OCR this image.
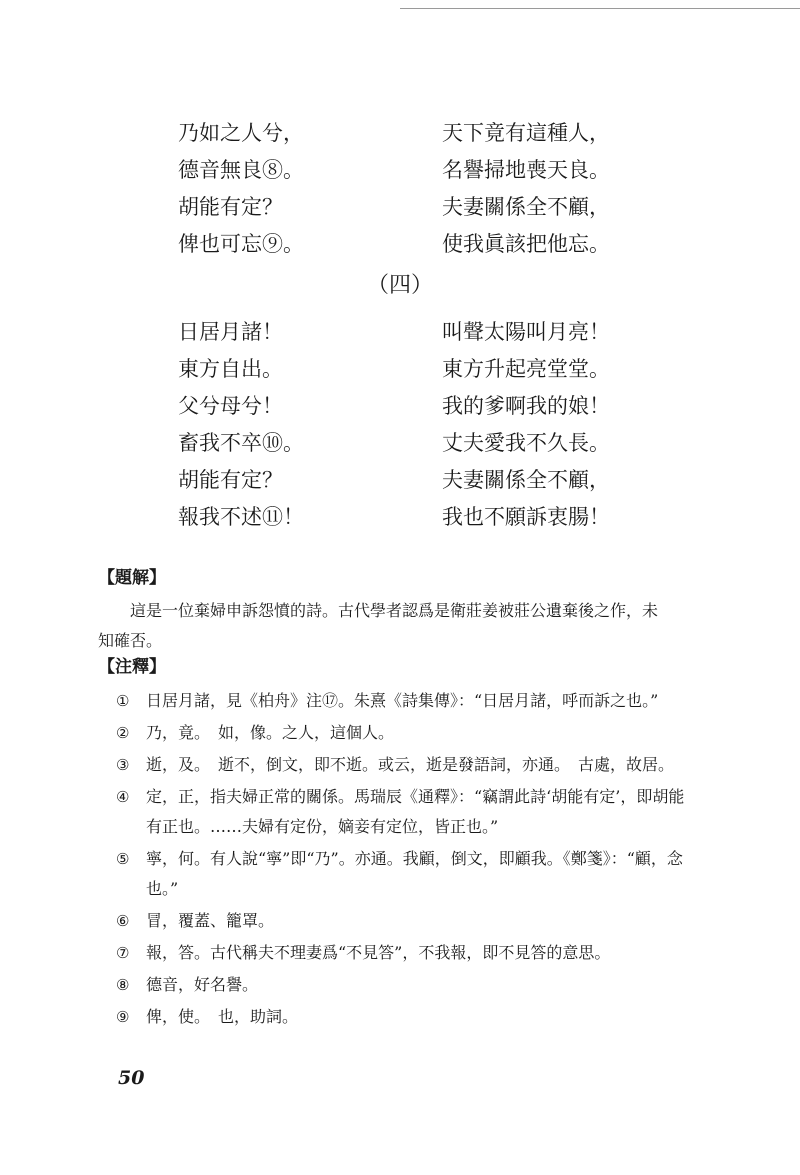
乃如之人兮，	天下竟有這種人，
德音無良⑧。	名譽掃地喪天良。
胡能有定？	夫妻關係全不顧，
俾也可忘⑨。	使我眞該把他忘。
（四）
日居月諸！	叫聲太陽叫月亮！
東方自出。	東方升起亮堂堂。
父兮母兮！	我的爹啊我的娘！
畜我不卒⑩。	丈夫愛我不久長。
胡能有定？	夫妻關係全不顧，
報我不述⑪！	我也不願訴衷腸！
【題解】
這是一位棄婦申訴怨憤的詩。古代學者認爲是衛莊姜被莊公遺棄後之作，未知確否。
【注釋】
① 日居月諸，見《柏舟》注⑰。朱熹《詩集傳》：“日居月諸，呼而訴之也。”
② 乃，竟。　如，像。之人，這個人。
③ 逝，及。　逝不，倒文，即不逝。或云，逝是發語詞，亦通。　古處，故居。
④ 定，正，指夫婦正常的關係。馬瑞辰《通釋》：“竊謂此詩‘胡能有定’，即胡能有正也。……夫婦有定份，嫡妾有定位，皆正也。”
⑤ 寧，何。有人說“寧”即“乃”。亦通。我顧，倒文，即顧我。《鄭箋》：“顧，念也。”
⑥ 冒，覆蓋、籠罩。
⑦ 報，答。古代稱夫不理妻爲“不見答”，不我報，即不見答的意思。
⑧ 德音，好名譽。
⑨ 俾，使。　也，助詞。
50
